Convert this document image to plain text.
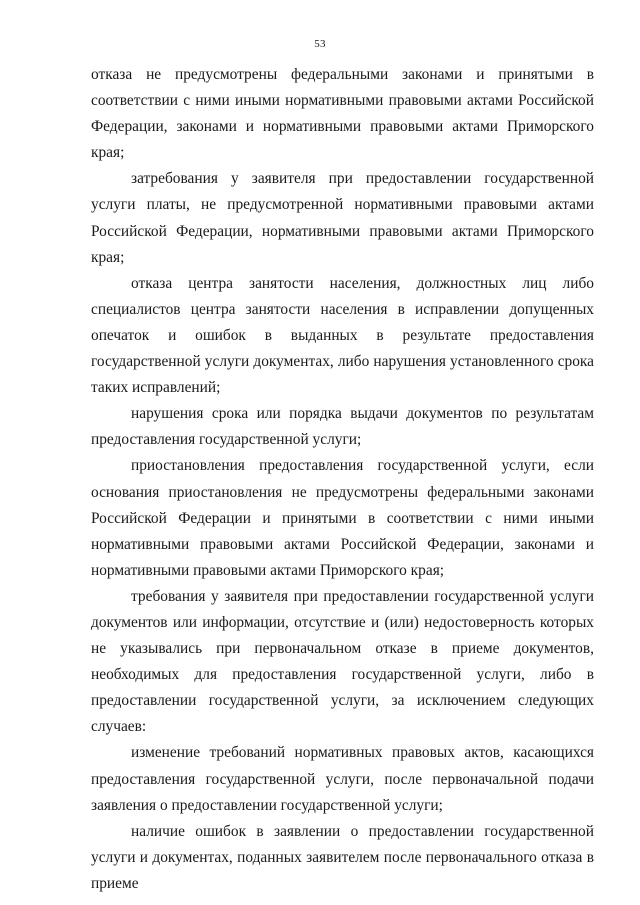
53

отказа не предусмотрены федеральными законами и принятыми в соответствии с ними иными нормативными правовыми актами Российской Федерации, законами и нормативными правовыми актами Приморского края;

затребования у заявителя при предоставлении государственной услуги платы, не предусмотренной нормативными правовыми актами Российской Федерации, нормативными правовыми актами Приморского края;

отказа центра занятости населения, должностных лиц либо специалистов центра занятости населения в исправлении допущенных опечаток и ошибок в выданных в результате предоставления государственной услуги документах, либо нарушения установленного срока таких исправлений;

нарушения срока или порядка выдачи документов по результатам предоставления государственной услуги;

приостановления предоставления государственной услуги, если основания приостановления не предусмотрены федеральными законами Российской Федерации и принятыми в соответствии с ними иными нормативными правовыми актами Российской Федерации, законами и нормативными правовыми актами Приморского края;

требования у заявителя при предоставлении государственной услуги документов или информации, отсутствие и (или) недостоверность которых не указывались при первоначальном отказе в приеме документов, необходимых для предоставления государственной услуги, либо в предоставлении государственной услуги, за исключением следующих случаев:

изменение требований нормативных правовых актов, касающихся предоставления государственной услуги, после первоначальной подачи заявления о предоставлении государственной услуги;

наличие ошибок в заявлении о предоставлении государственной услуги и документах, поданных заявителем после первоначального отказа в приеме
